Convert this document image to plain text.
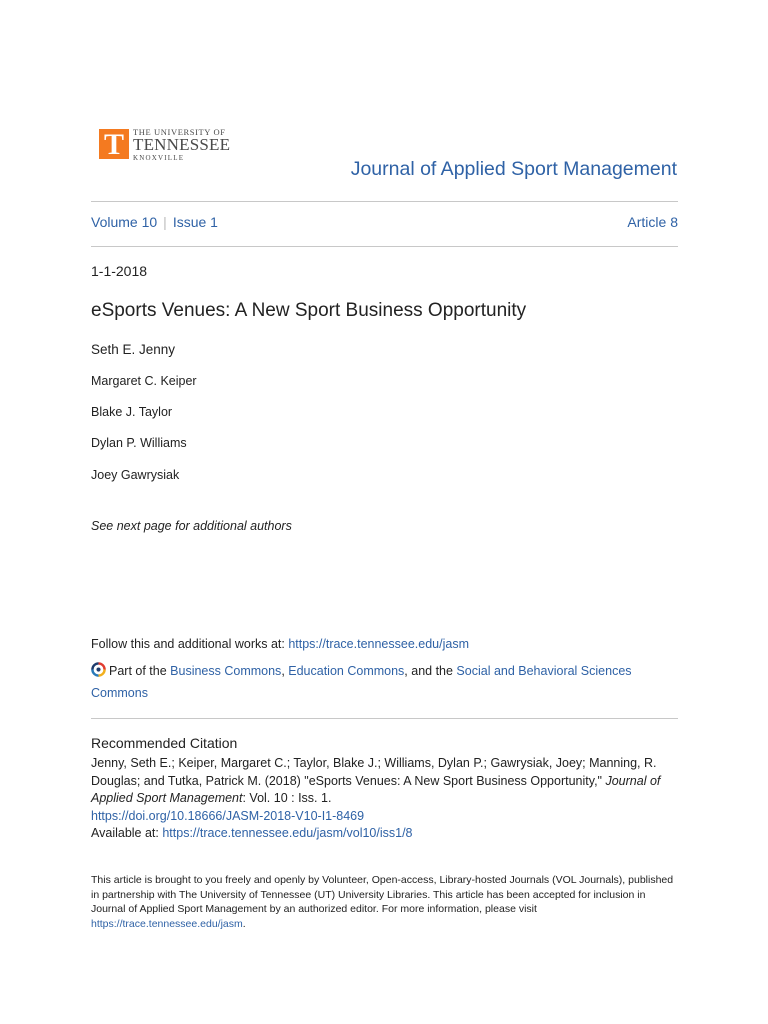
T	THE UNIVERSITY OF
TENNESSEE
KNOXVILLE	Journal of Applied Sport Management
Volume 10 | Issue 1	Article 8
1-1-2018
eSports Venues: A New Sport Business Opportunity
Seth E. Jenny
Margaret C. Keiper
Blake J. Taylor
Dylan P. Williams
Joey Gawrysiak
See next page for additional authors
Follow this and additional works at: https://trace.tennessee.edu/jasm
Part of the Business Commons, Education Commons, and the Social and Behavioral Sciences Commons
Recommended Citation
Jenny, Seth E.; Keiper, Margaret C.; Taylor, Blake J.; Williams, Dylan P.; Gawrysiak, Joey; Manning, R. Douglas; and Tutka, Patrick M. (2018) "eSports Venues: A New Sport Business Opportunity," Journal of Applied Sport Management: Vol. 10 : Iss. 1.
https://doi.org/10.18666/JASM-2018-V10-I1-8469
Available at: https://trace.tennessee.edu/jasm/vol10/iss1/8
This article is brought to you freely and openly by Volunteer, Open-access, Library-hosted Journals (VOL Journals), published in partnership with The University of Tennessee (UT) University Libraries. This article has been accepted for inclusion in Journal of Applied Sport Management by an authorized editor. For more information, please visit https://trace.tennessee.edu/jasm.
